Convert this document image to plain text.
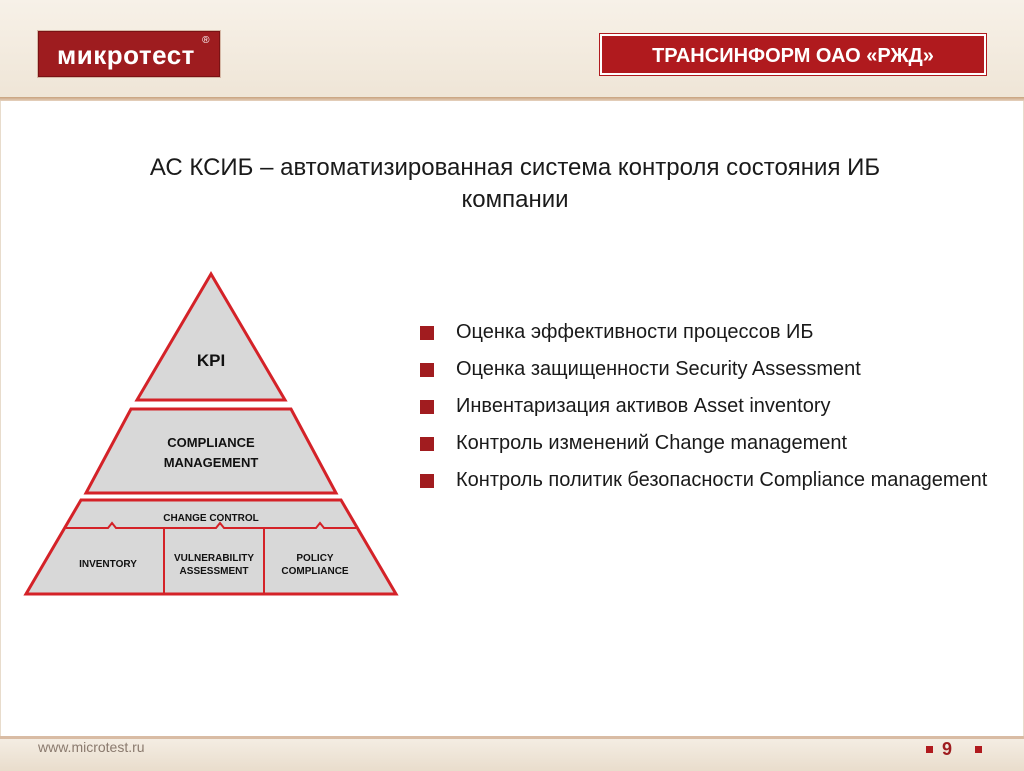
микротест ®
ТРАНСИНФОРМ ОАО «РЖД»
АС КСИБ – автоматизированная система контроля состояния ИБ
компании
KPI
COMPLIANCE
MANAGEMENT
CHANGE CONTROL
INVENTORY
VULNERABILITY
ASSESSMENT
POLICY
COMPLIANCE
Оценка эффективности процессов ИБ
Оценка защищенности Security Assessment
Инвентаризация активов Asset inventory
Контроль изменений Change management
Контроль политик безопасности Compliance management
www.microtest.ru	9
